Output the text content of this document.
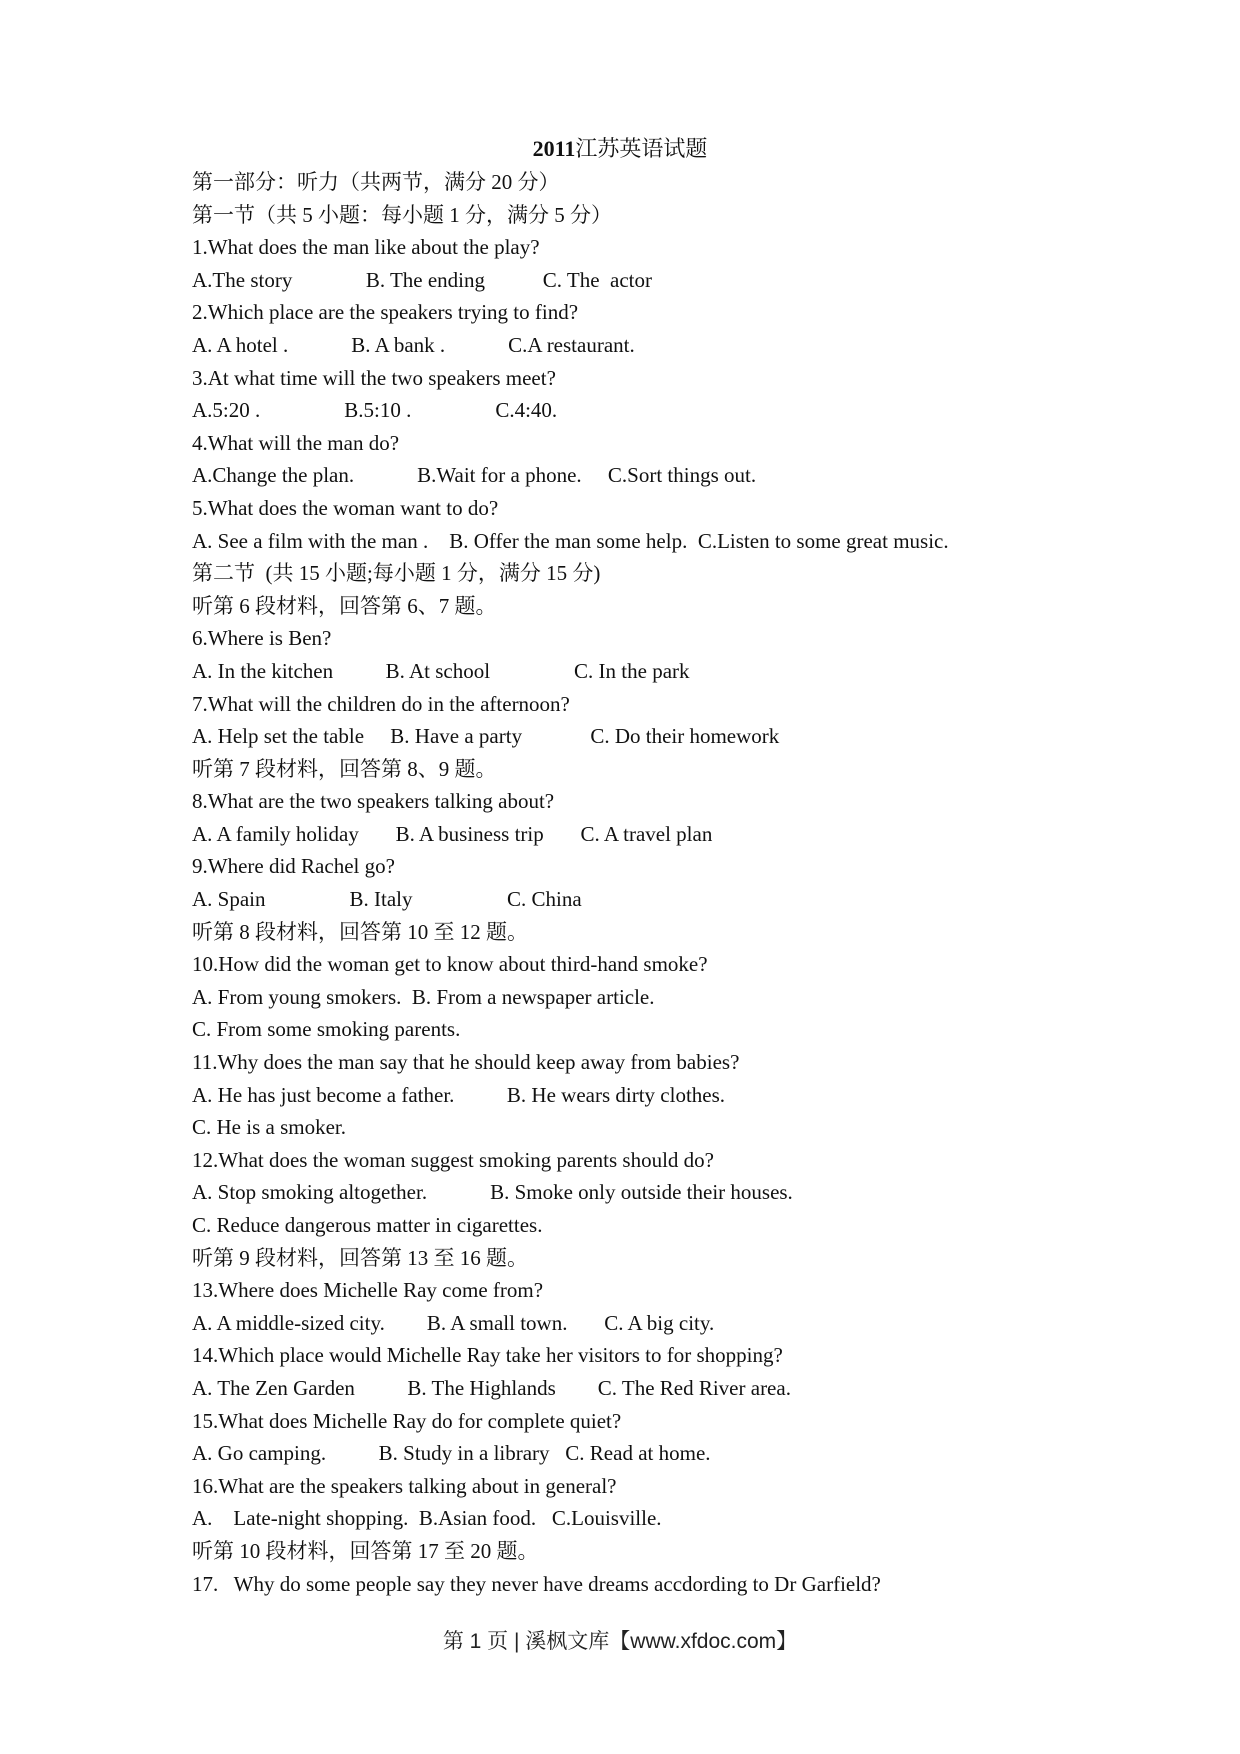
2011江苏英语试题
第一部分：听力（共两节，满分 20 分）
第一节（共 5 小题：每小题 1 分，满分 5 分）
1.What does the man like about the play?
A.The story              B. The ending           C. The  actor
2.Which place are the speakers trying to find?
A. A hotel .            B. A bank .            C.A restaurant.
3.At what time will the two speakers meet?
A.5:20 .                B.5:10 .                C.4:40.
4.What will the man do?
A.Change the plan.            B.Wait for a phone.     C.Sort things out.
5.What does the woman want to do?
A. See a film with the man .    B. Offer the man some help.  C.Listen to some great music.
第二节  (共 15 小题;每小题 1 分，满分 15 分)
听第 6 段材料，回答第 6、7 题。
6.Where is Ben?
A. In the kitchen          B. At school                C. In the park
7.What will the children do in the afternoon?
A. Help set the table     B. Have a party             C. Do their homework
听第 7 段材料，回答第 8、9 题。
8.What are the two speakers talking about?
A. A family holiday       B. A business trip       C. A travel plan
9.Where did Rachel go?
A. Spain                B. Italy                  C. China
听第 8 段材料，回答第 10 至 12 题。
10.How did the woman get to know about third-hand smoke?
A. From young smokers.  B. From a newspaper article.
C. From some smoking parents.
11.Why does the man say that he should keep away from babies?
A. He has just become a father.          B. He wears dirty clothes.
C. He is a smoker.
12.What does the woman suggest smoking parents should do?
A. Stop smoking altogether.            B. Smoke only outside their houses.
C. Reduce dangerous matter in cigarettes.
听第 9 段材料，回答第 13 至 16 题。
13.Where does Michelle Ray come from?
A. A middle-sized city.        B. A small town.       C. A big city.
14.Which place would Michelle Ray take her visitors to for shopping?
A. The Zen Garden          B. The Highlands        C. The Red River area.
15.What does Michelle Ray do for complete quiet?
A. Go camping.          B. Study in a library   C. Read at home.
16.What are the speakers talking about in general?
A.    Late-night shopping.  B.Asian food.   C.Louisville.
听第 10 段材料，回答第 17 至 20 题。
17.   Why do some people say they never have dreams accdording to Dr Garfield?
第 1 页 | 溪枫文库【www.xfdoc.com】
